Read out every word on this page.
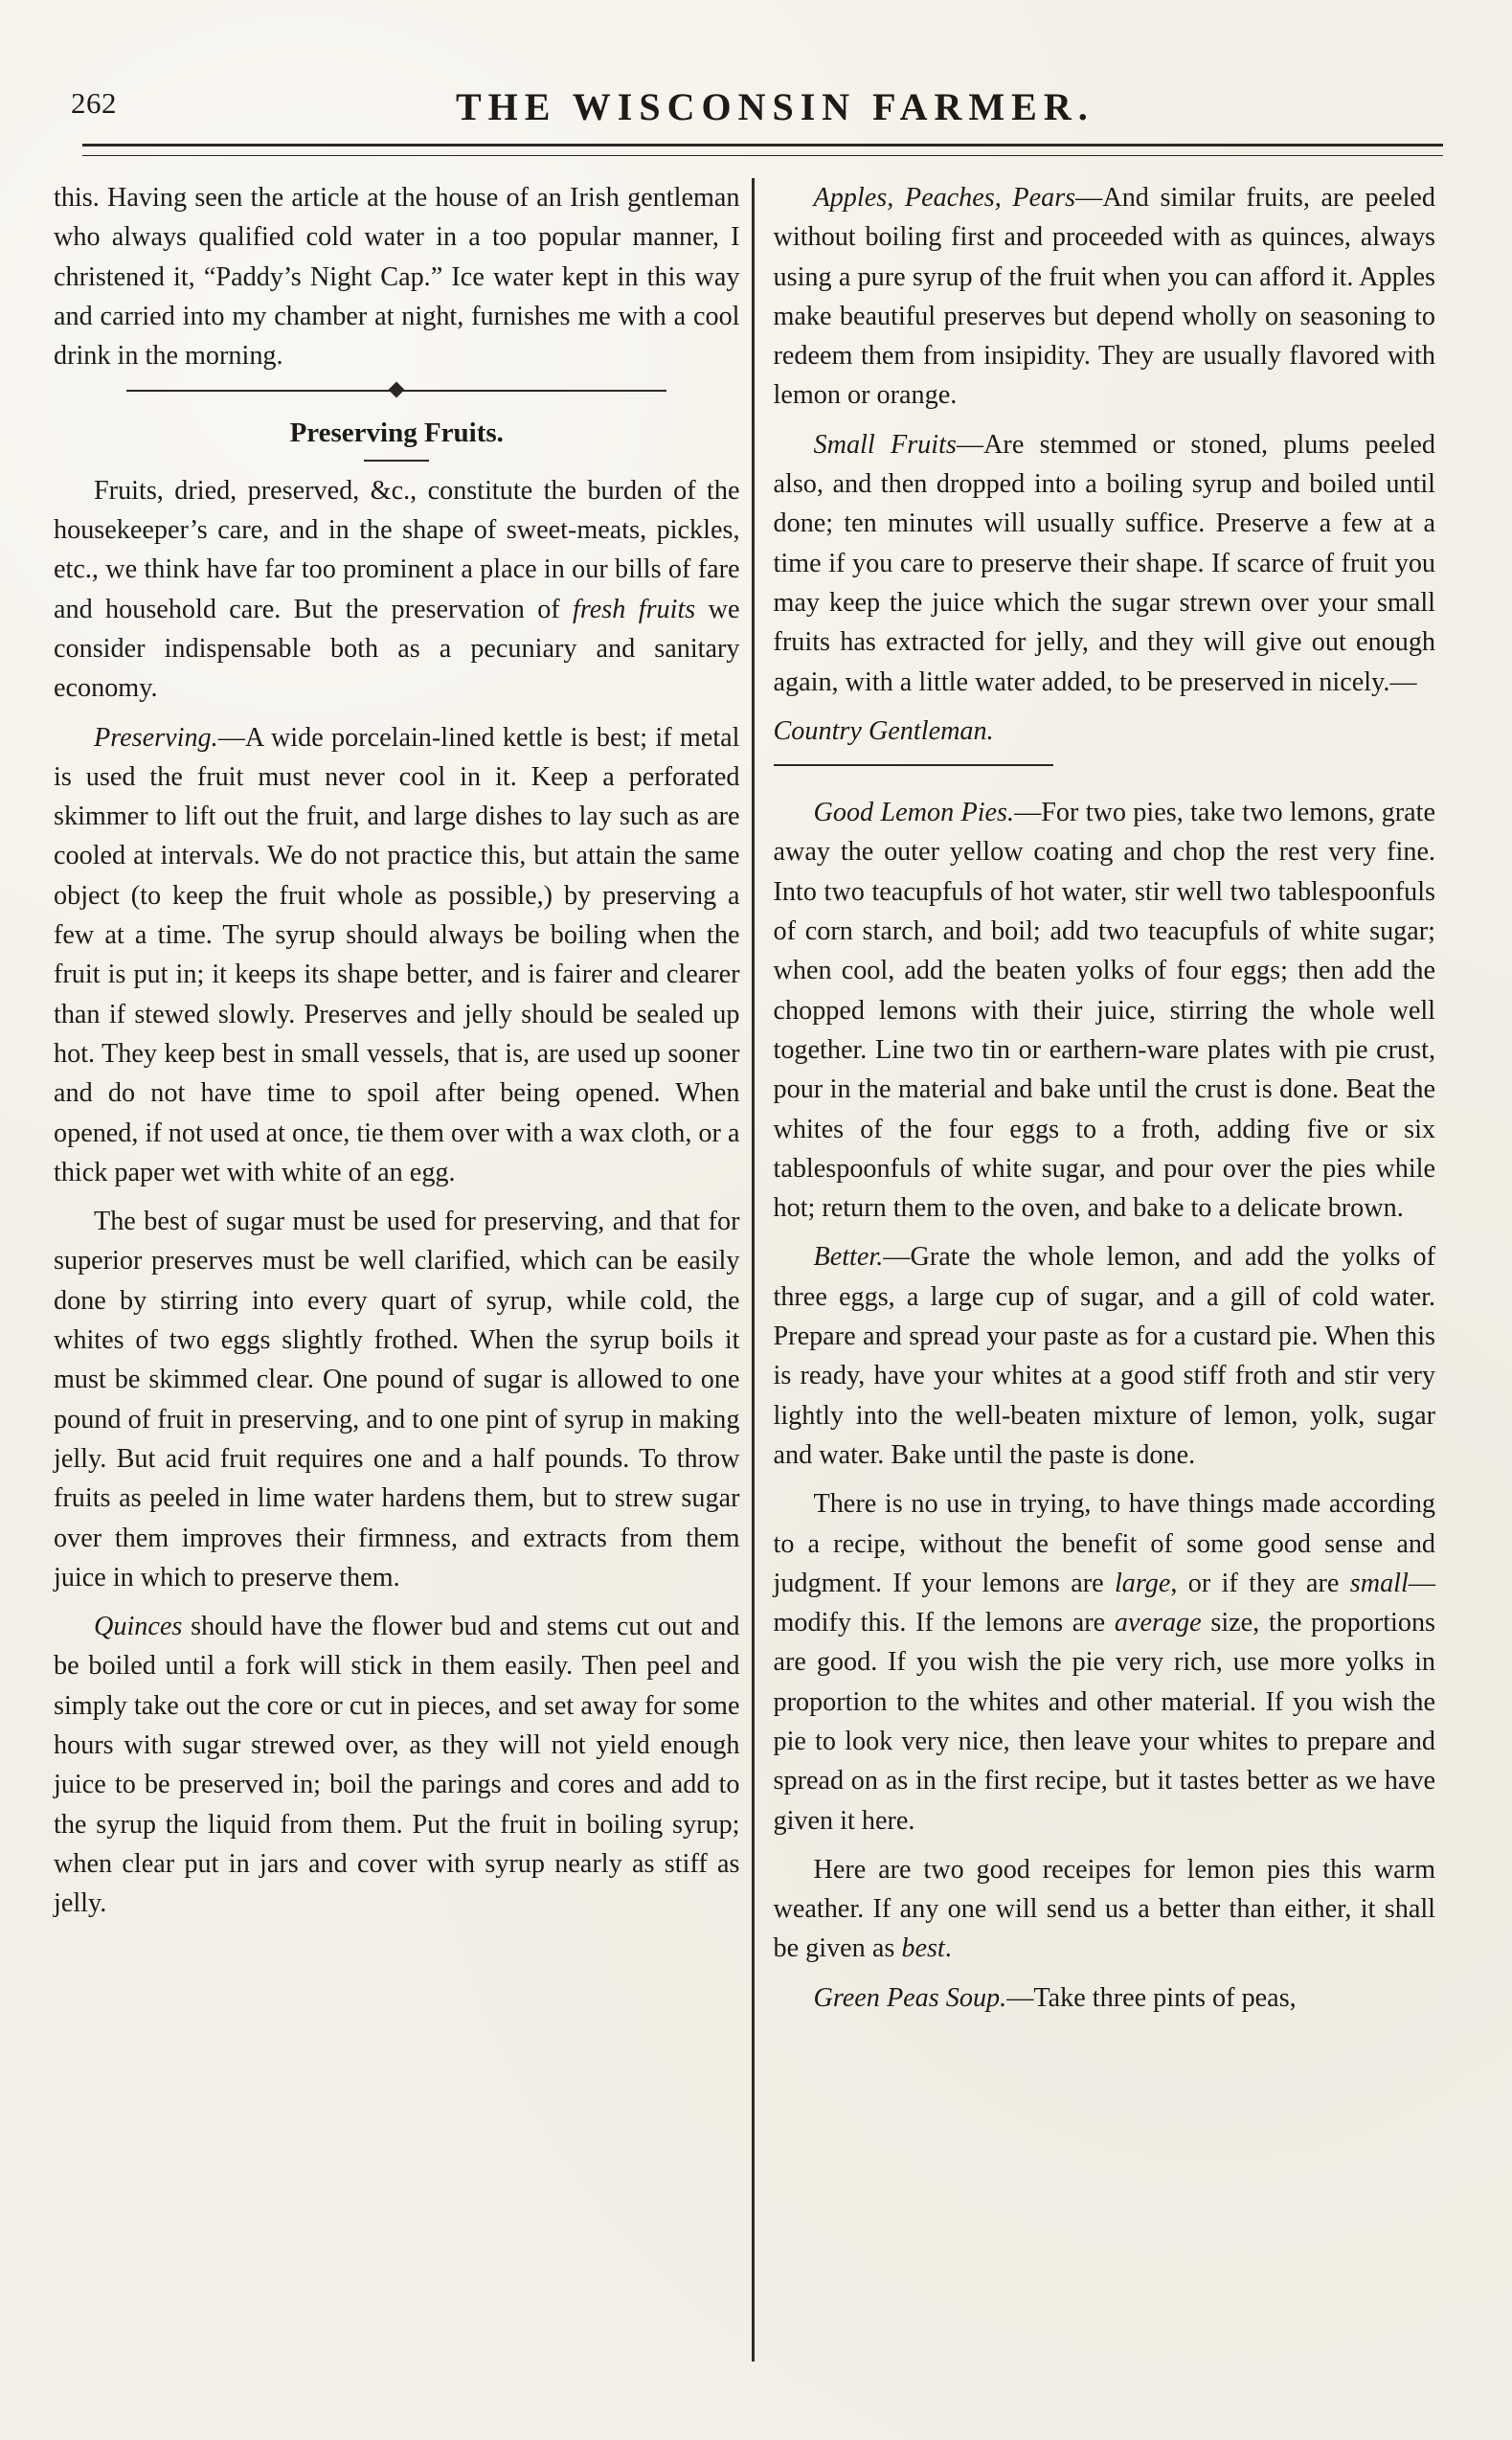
262	THE WISCONSIN FARMER.

this. Having seen the article at the house of an Irish gentleman who always qualified cold water in a too popular manner, I christened it, “Paddy’s Night Cap.” Ice water kept in this way and carried into my chamber at night, furnishes me with a cool drink in the morning.

Preserving Fruits.

Fruits, dried, preserved, &c., constitute the burden of the housekeeper’s care, and in the shape of sweet-meats, pickles, etc., we think have far too prominent a place in our bills of fare and household care. But the preservation of fresh fruits we consider indispensable both as a pecuniary and sanitary economy.

Preserving.—A wide porcelain-lined kettle is best; if metal is used the fruit must never cool in it. Keep a perforated skimmer to lift out the fruit, and large dishes to lay such as are cooled at intervals. We do not practice this, but attain the same object (to keep the fruit whole as possible,) by preserving a few at a time. The syrup should always be boiling when the fruit is put in; it keeps its shape better, and is fairer and clearer than if stewed slowly. Preserves and jelly should be sealed up hot. They keep best in small vessels, that is, are used up sooner and do not have time to spoil after being opened. When opened, if not used at once, tie them over with a wax cloth, or a thick paper wet with white of an egg.

The best of sugar must be used for preserving, and that for superior preserves must be well clarified, which can be easily done by stirring into every quart of syrup, while cold, the whites of two eggs slightly frothed. When the syrup boils it must be skimmed clear. One pound of sugar is allowed to one pound of fruit in preserving, and to one pint of syrup in making jelly. But acid fruit requires one and a half pounds. To throw fruits as peeled in lime water hardens them, but to strew sugar over them improves their firmness, and extracts from them juice in which to preserve them.

Quinces should have the flower bud and stems cut out and be boiled until a fork will stick in them easily. Then peel and simply take out the core or cut in pieces, and set away for some hours with sugar strewed over, as they will not yield enough juice to be preserved in; boil the parings and cores and add to the syrup the liquid from them. Put the fruit in boiling syrup; when clear put in jars and cover with syrup nearly as stiff as jelly.

Apples, Peaches, Pears—And similar fruits, are peeled without boiling first and proceeded with as quinces, always using a pure syrup of the fruit when you can afford it. Apples make beautiful preserves but depend wholly on seasoning to redeem them from insipidity. They are usually flavored with lemon or orange.

Small Fruits—Are stemmed or stoned, plums peeled also, and then dropped into a boiling syrup and boiled until done; ten minutes will usually suffice. Preserve a few at a time if you care to preserve their shape. If scarce of fruit you may keep the juice which the sugar strewn over your small fruits has extracted for jelly, and they will give out enough again, with a little water added, to be preserved in nicely.—

Country Gentleman.

Good Lemon Pies.—For two pies, take two lemons, grate away the outer yellow coating and chop the rest very fine. Into two teacupfuls of hot water, stir well two tablespoonfuls of corn starch, and boil; add two teacupfuls of white sugar; when cool, add the beaten yolks of four eggs; then add the chopped lemons with their juice, stirring the whole well together. Line two tin or earthern-ware plates with pie crust, pour in the material and bake until the crust is done. Beat the whites of the four eggs to a froth, adding five or six tablespoonfuls of white sugar, and pour over the pies while hot; return them to the oven, and bake to a delicate brown.

Better.—Grate the whole lemon, and add the yolks of three eggs, a large cup of sugar, and a gill of cold water. Prepare and spread your paste as for a custard pie. When this is ready, have your whites at a good stiff froth and stir very lightly into the well-beaten mixture of lemon, yolk, sugar and water. Bake until the paste is done.

There is no use in trying, to have things made according to a recipe, without the benefit of some good sense and judgment. If your lemons are large, or if they are small—modify this. If the lemons are average size, the proportions are good. If you wish the pie very rich, use more yolks in proportion to the whites and other material. If you wish the pie to look very nice, then leave your whites to prepare and spread on as in the first recipe, but it tastes better as we have given it here.

Here are two good receipes for lemon pies this warm weather. If any one will send us a better than either, it shall be given as best.

Green Peas Soup.—Take three pints of peas,
